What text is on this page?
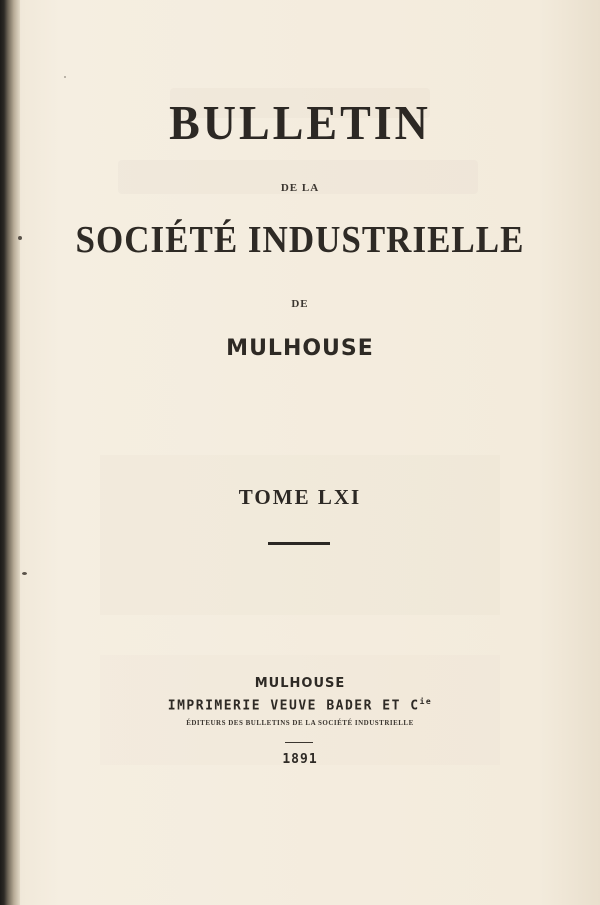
BULLETIN
DE LA
SOCIÉTÉ INDUSTRIELLE
DE
MULHOUSE
TOME LXI
MULHOUSE
IMPRIMERIE VEUVE BADER ET $C^{ie}$
ÉDITEURS DES BULLETINS DE LA SOCIÉTÉ INDUSTRIELLE
1891
